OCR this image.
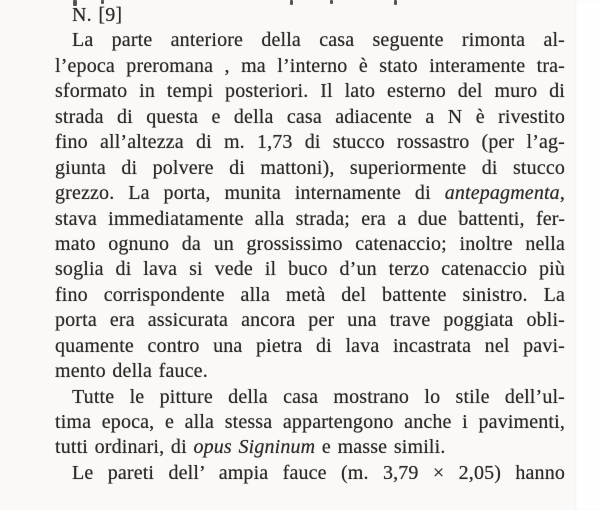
N. [9]
La parte anteriore della casa seguente rimonta al-
l’epoca preromana , ma l’interno è stato interamente tra-
sformato in tempi posteriori. Il lato esterno del muro di
strada di questa e della casa adiacente a N è rivestito
fino all’altezza di m. 1,73 di stucco rossastro (per l’ag-
giunta di polvere di mattoni), superiormente di stucco
grezzo. La porta, munita internamente di antepagmenta,
stava immediatamente alla strada; era a due battenti, fer-
mato ognuno da un grossissimo catenaccio; inoltre nella
soglia di lava si vede il buco d’un terzo catenaccio più
fino corrispondente alla metà del battente sinistro. La
porta era assicurata ancora per una trave poggiata obli-
quamente contro una pietra di lava incastrata nel pavi-
mento della fauce.
Tutte le pitture della casa mostrano lo stile dell’ul-
tima epoca, e alla stessa appartengono anche i pavimenti,
tutti ordinari, di opus Signinum e masse simili.
Le pareti dell’ ampia fauce (m. 3,79 × 2,05) hanno
